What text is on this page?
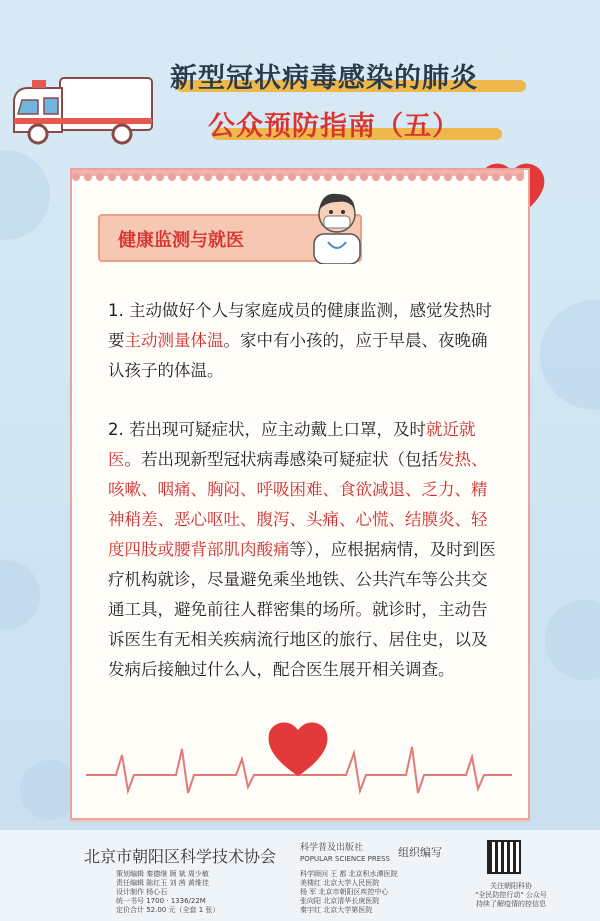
新型冠状病毒感染的肺炎
公众预防指南（五）
健康监测与就医
1. 主动做好个人与家庭成员的健康监测，感觉发热时要主动测量体温。家中有小孩的，应于早晨、夜晚确认孩子的体温。
2. 若出现可疑症状，应主动戴上口罩，及时就近就医。若出现新型冠状病毒感染可疑症状（包括发热、咳嗽、咽痛、胸闷、呼吸困难、食欲减退、乏力、精神稍差、恶心呕吐、腹泻、头痛、心慌、结膜炎、轻度四肢或腰背部肌肉酸痛等），应根据病情，及时到医疗机构就诊，尽量避免乘坐地铁、公共汽车等公共交通工具，避免前往人群密集的场所。就诊时，主动告诉医生有无相关疾病流行地区的旅行、居住史，以及发病后接触过什么人，配合医生展开相关调查。
北京市朝阳区科学技术协会	科学普及出版社
POPULAR SCIENCE PRESS 组织编写
策划编辑 秦德继 顾 斌 周少敏
责任编辑 陈红玉 刘 茜 黄维佳
设计制作 杨心石
统一书号 1700 · 1336/22M
定价合计 52.00 元（全套 1 张）
科学顾问 王 都 北京积水潭医院
美楼红 北京大学人民医院
杨 军 北京市朝阳区疾控中心
张向阳 北京清华长庚医院
秦宇红 北京大学第医院
关注朝阳科协
"全民防控行动" 公众号
持续了解疫情的控信息
